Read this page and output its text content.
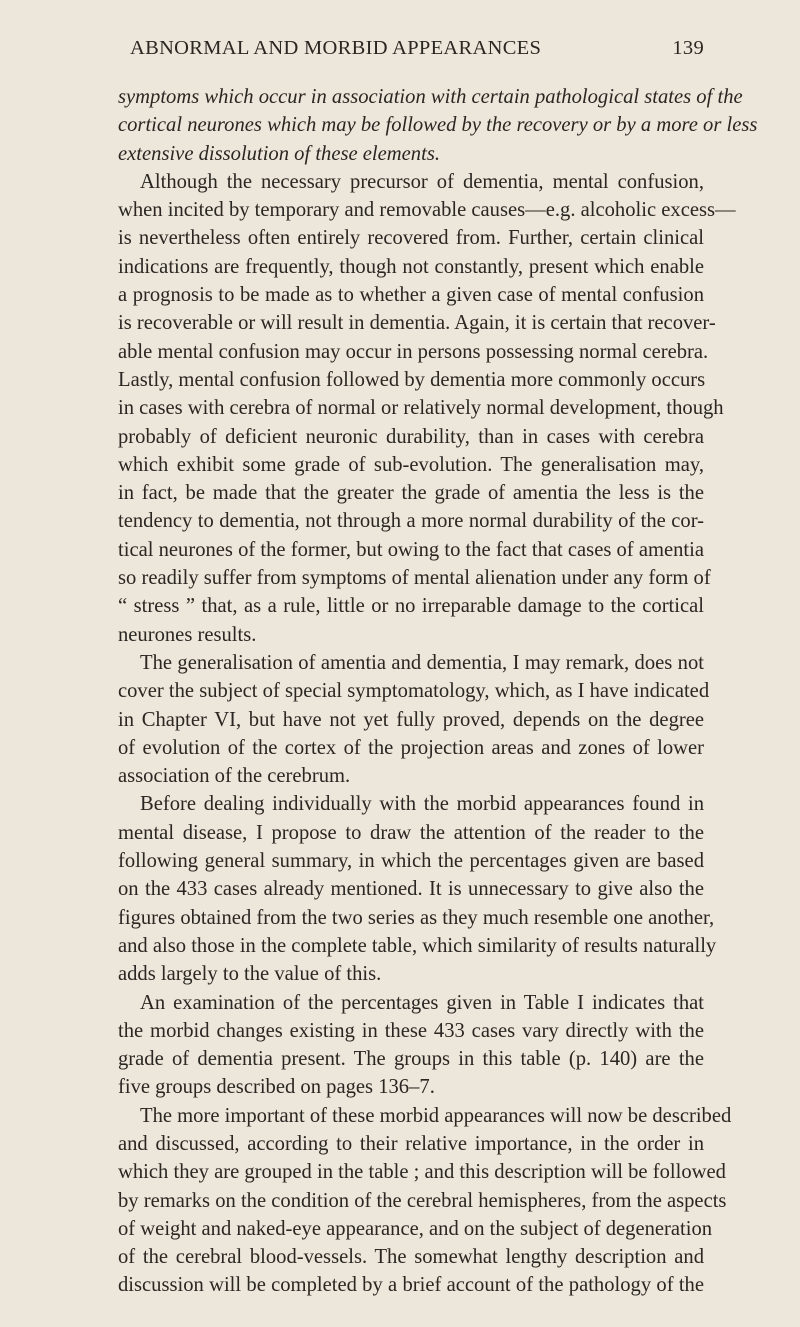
ABNORMAL AND MORBID APPEARANCES	139
symptoms which occur in association with certain pathological states of the
cortical neurones which may be followed by the recovery or by a more or less
extensive dissolution of these elements.
Although the necessary precursor of dementia, mental confusion,
when incited by temporary and removable causes—e.g. alcoholic excess—
is nevertheless often entirely recovered from. Further, certain clinical
indications are frequently, though not constantly, present which enable
a prognosis to be made as to whether a given case of mental confusion
is recoverable or will result in dementia. Again, it is certain that recover-
able mental confusion may occur in persons possessing normal cerebra.
Lastly, mental confusion followed by dementia more commonly occurs
in cases with cerebra of normal or relatively normal development, though
probably of deficient neuronic durability, than in cases with cerebra
which exhibit some grade of sub-evolution. The generalisation may,
in fact, be made that the greater the grade of amentia the less is the
tendency to dementia, not through a more normal durability of the cor-
tical neurones of the former, but owing to the fact that cases of amentia
so readily suffer from symptoms of mental alienation under any form of
“ stress ” that, as a rule, little or no irreparable damage to the cortical
neurones results.
The generalisation of amentia and dementia, I may remark, does not
cover the subject of special symptomatology, which, as I have indicated
in Chapter VI, but have not yet fully proved, depends on the degree
of evolution of the cortex of the projection areas and zones of lower
association of the cerebrum.
Before dealing individually with the morbid appearances found in
mental disease, I propose to draw the attention of the reader to the
following general summary, in which the percentages given are based
on the 433 cases already mentioned. It is unnecessary to give also the
figures obtained from the two series as they much resemble one another,
and also those in the complete table, which similarity of results naturally
adds largely to the value of this.
An examination of the percentages given in Table I indicates that
the morbid changes existing in these 433 cases vary directly with the
grade of dementia present. The groups in this table (p. 140) are the
five groups described on pages 136–7.
The more important of these morbid appearances will now be described
and discussed, according to their relative importance, in the order in
which they are grouped in the table ; and this description will be followed
by remarks on the condition of the cerebral hemispheres, from the aspects
of weight and naked-eye appearance, and on the subject of degeneration
of the cerebral blood-vessels. The somewhat lengthy description and
discussion will be completed by a brief account of the pathology of the
